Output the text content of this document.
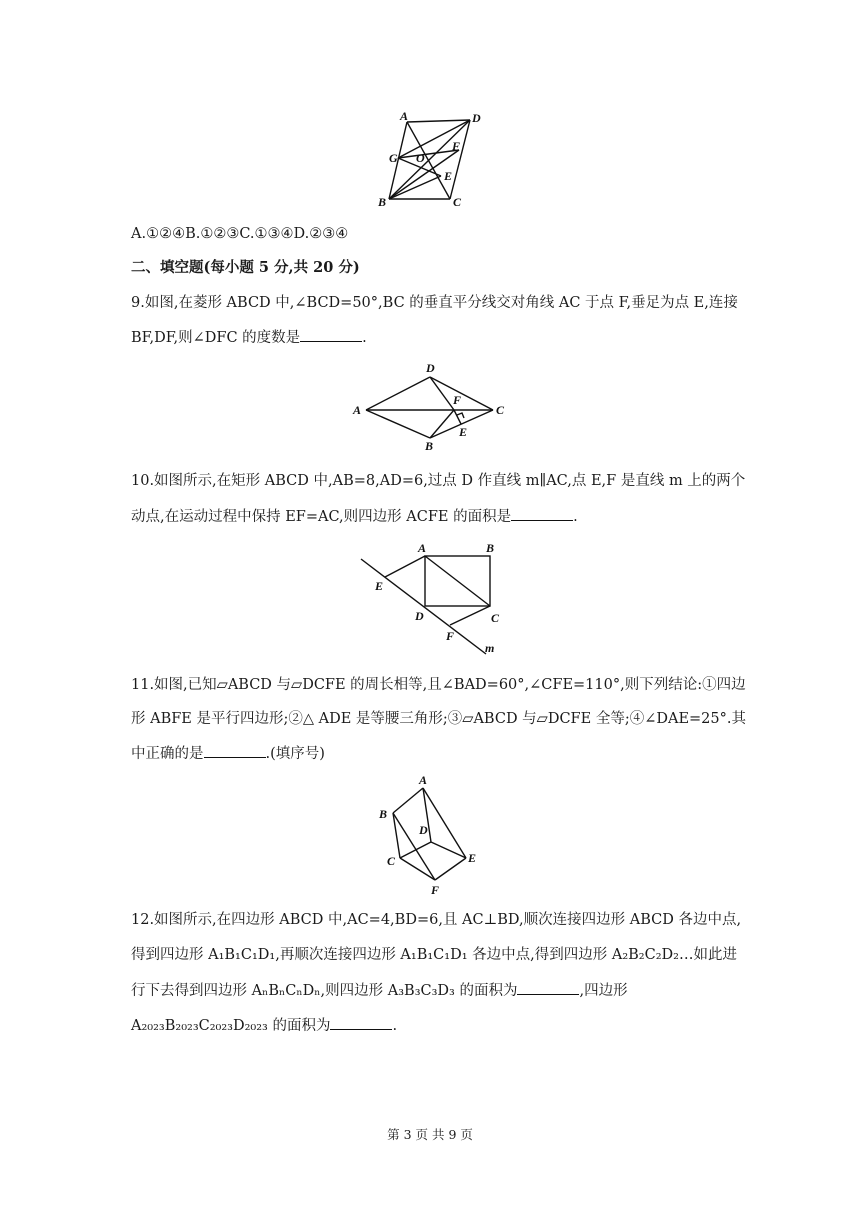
A	D
G O
F
E
B	C
A.①②④B.①②③C.①③④D.②③④
二、填空题(每小题 5 分,共 20 分)
9.如图,在菱形 ABCD 中,∠BCD=50°,BC 的垂直平分线交对角线 AC 于点 F,垂足为点 E,连接
BF,DF,则∠DFC 的度数是	.
D
A
F
C
E
B
10.如图所示,在矩形 ABCD 中,AB=8,AD=6,过点 D 作直线 m∥AC,点 E,F 是直线 m 上的两个
动点,在运动过程中保持 EF=AC,则四边形 ACFE 的面积是	.
A	B
E
D	C
F
m
11.如图,已知▱ABCD 与▱DCFE 的周长相等,且∠BAD=60°,∠CFE=110°,则下列结论:①四边
形 ABFE 是平行四边形;②△ ADE 是等腰三角形;③▱ABCD 与▱DCFE 全等;④∠DAE=25°.其
中正确的是	.(填序号)
A
B
D
C	E
F
12.如图所示,在四边形 ABCD 中,AC=4,BD=6,且 AC⊥BD,顺次连接四边形 ABCD 各边中点,
得到四边形 A₁B₁C₁D₁,再顺次连接四边形 A₁B₁C₁D₁ 各边中点,得到四边形 A₂B₂C₂D₂…如此进
行下去得到四边形 AₙBₙCₙDₙ,则四边形 A₃B₃C₃D₃ 的面积为	,四边形
A₂₀₂₃B₂₀₂₃C₂₀₂₃D₂₀₂₃ 的面积为	.
第 3 页 共 9 页
